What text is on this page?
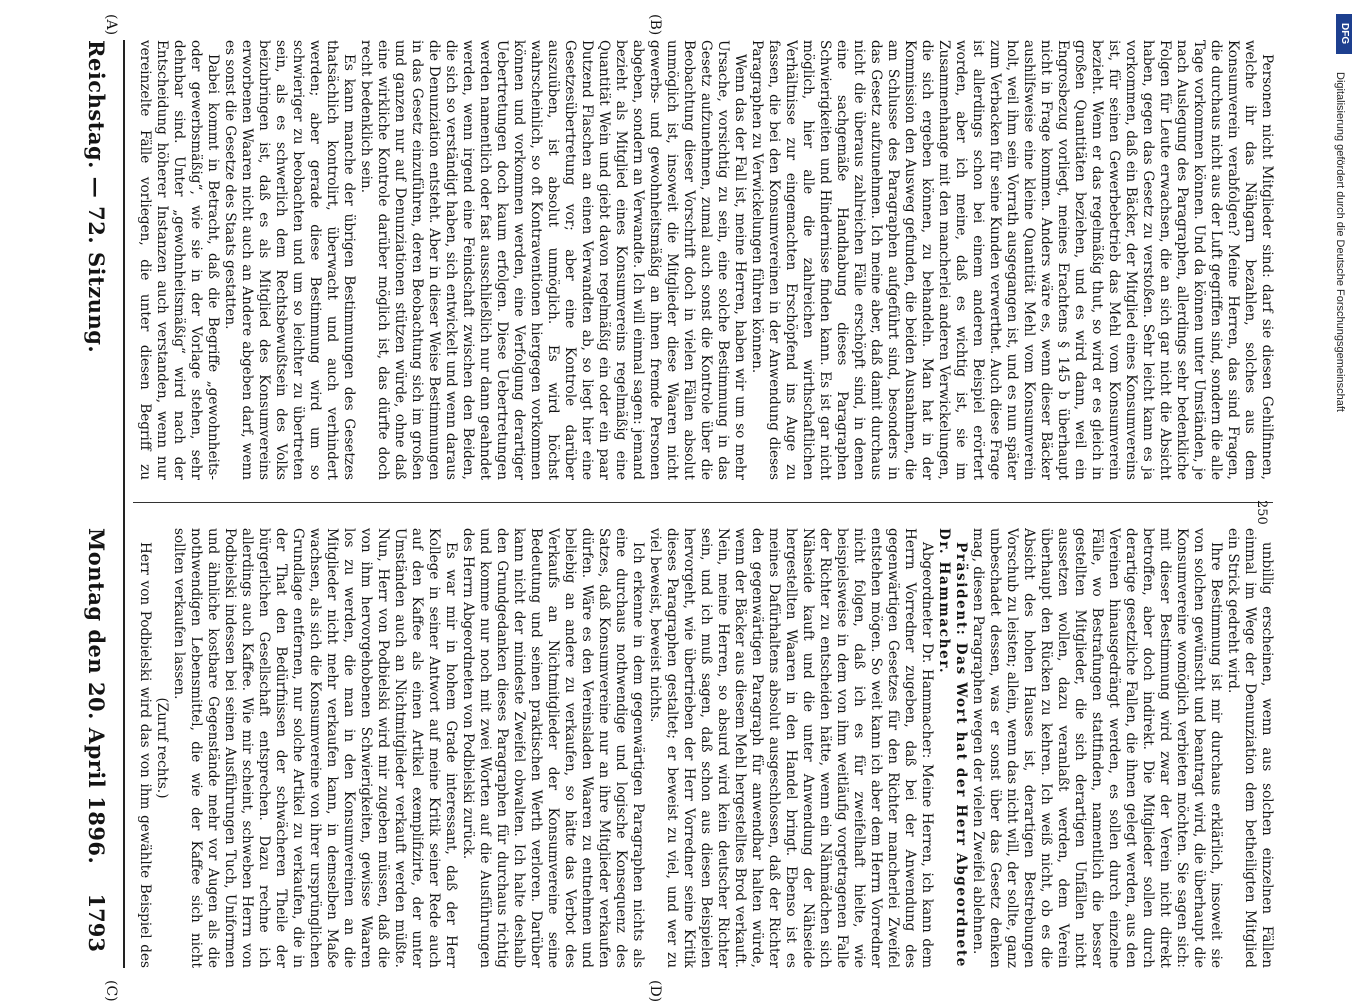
Reichstag. — 72. Sitzung.
Montag den 20. April 1896.
1793
(A)	(B)
(C)	(D)

Personen nicht Mitglieder sind: darf sie diesen Gehilfinnen, welche ihr das Nähgarn bezahlen, solches aus dem Konsumverein verabfolgen? Meine Herren, das sind Fragen, die durchaus nicht aus der Luft gegriffen sind, sondern die alle Tage vorkommen können. Und da können unter Umständen, je nach Auslegung des Paragraphen, allerdings sehr bedenkliche Folgen für Leute erwachsen, die an sich gar nicht die Absicht haben, gegen das Gesetz zu verstoßen. Sehr leicht kann es ja vorkommen, daß ein Bäcker, der Mitglied eines Konsumvereins ist, für seinen Gewerbebetrieb das Mehl vom Konsumverein bezieht. Wenn er das regelmäßig thut, so wird er es gleich in großen Quantitäten beziehen, und es wird dann, weil ein Engrosbezug vorliegt, meines Erachtens § 145 b überhaupt nicht in Frage kommen. Anders wäre es, wenn dieser Bäcker aushilfsweise eine kleine Quantität Mehl vom Konsumverein holt, weil ihm sein Vorrath ausgegangen ist, und es nun später zum Verbacken für seine Kunden verwerthet. Auch diese Frage ist allerdings schon bei einem anderen Beispiel erörtert worden, aber ich meine, daß es wichtig ist, sie im Zusammenhange mit den mancherlei anderen Verwickelungen, die sich ergeben können, zu behandeln. Man hat in der Kommission den Ausweg gefunden, die beiden Ausnahmen, die am Schlusse des Paragraphen aufgeführt sind, besonders in das Gesetz aufzunehmen. Ich meine aber, daß damit durchaus nicht die überaus zahlreichen Fälle erschöpft sind, in denen eine sachgemäße Handhabung dieses Paragraphen Schwierigkeiten und Hindernisse finden kann. Es ist gar nicht möglich, hier alle die zahlreichen wirthschaftlichen Verhältnisse zur eingemachten Erschöpfend ins Auge zu fassen, die bei den Konsumvereinen in der Anwendung dieses Paragraphen zu Verwickelungen führen können.

Wenn das der Fall ist, meine Herren, haben wir um so mehr Ursache, vorsichtig zu sein, eine solche Bestimmung in das Gesetz aufzunehmen, zumal auch sonst die Kontrole über die Beobachtung dieser Vorschrift doch in vielen Fällen absolut unmöglich ist, insoweit die Mitglieder diese Waaren nicht gewerbs- und gewohnheitsmäßig an ihnen fremde Personen abgeben, sondern an Verwandte. Ich will einmal sagen: jemand bezieht als Mitglied eines Konsumvereins regelmäßig eine Quantität Wein und giebt davon regelmäßig ein oder ein paar Dutzend Flaschen an einen Verwandten ab, so liegt hier eine Gesetzesübertretung vor; aber eine Kontrole darüber auszuüben, ist absolut unmöglich. Es wird höchst wahrscheinlich, so oft Kontraventionen hiergegen vorkommen können und vorkommen werden, eine Verfolgung derartiger Uebertretungen doch kaum erfolgen. Diese Uebertretungen werden namentlich oder fast ausschließlich nur dann geahndet werden, wenn irgend eine Feindschaft zwischen den Beiden, die sich so verständigt haben, sich entwickelt und wenn daraus die Denunziation entsteht. Aber in dieser Weise Bestimmungen in das Gesetz einzuführen, deren Beobachtung sich im großen und ganzen nur auf Denunziationen stützen würde, ohne daß eine wirkliche Kontrole darüber möglich ist, das dürfte doch recht bedenklich sein.

Es kann manche der übrigen Bestimmungen des Gesetzes thatsächlich kontrolirt, überwacht und auch verhindert werden; aber gerade diese Bestimmung wird um so schwieriger zu beobachten und um so leichter zu übertreten sein, als es schwerlich dem Rechtsbewußtsein des Volks beizubringen ist, daß es als Mitglied des Konsumvereins erworbenen Waaren nicht auch an Andere abgeben darf, wenn es sonst die Gesetze des Staats gestatten.

Dabei kommt in Betracht, daß die Begriffe „gewohnheits- oder gewerbsmäßig“, wie sie in der Vorlage stehen, sehr dehnbar sind. Unter „gewohnheitsmäßig“ wird nach der Entscheidung höherer Instanzen auch verstanden, wenn nur vereinzelte Fälle vorliegen, die unter diesen Begriff zu

unbillig erscheinen, wenn aus solchen einzelnen Fällen einmal im Wege der Denunziation dem betheiligten Mitglied ein Strick gedreht wird.

Ihre Bestimmung ist mir durchaus erklärlich, insoweit sie von solchen gewünscht und beantragt wird, die überhaupt die Konsumvereine womöglich verbieten möchten. Sie sagen sich: mit dieser Bestimmung wird zwar der Verein nicht direkt betroffen, aber doch indirekt. Die Mitglieder sollen durch derartige gesetzliche Fallen, die ihnen gelegt werden, aus den Vereinen hinausgedrängt werden, es sollen durch einzelne Fälle, wo Bestrafungen stattfinden, namentlich die besser gestellten Mitglieder, die sich derartigen Unfällen nicht aussetzen wollen, dazu veranlaßt werden, dem Verein überhaupt den Rücken zu kehren. Ich weiß nicht, ob es die Absicht des hohen Hauses ist, derartigen Bestrebungen Vorschub zu leisten; allein, wenn das nicht will, der sollte, ganz unbeschadet dessen, was er sonst über das Gesetz denken mag, diesen Paragraphen wegen der vielen Zweifel ablehnen.

Präsident: Das Wort hat der Herr Abgeordnete Dr. Hammacher.

Abgeordneter Dr. Hammacher: Meine Herren, ich kann dem Herrn Vorredner zugeben, daß bei der Anwendung des gegenwärtigen Gesetzes für den Richter mancherlei Zweifel entstehen mögen. So weit kann ich aber dem Herrn Vorredner nicht folgen, daß ich es für zweifelhaft hielte, wie beispielsweise in dem von ihm weitläufig vorgetragenen Falle der Richter zu entscheiden hätte, wenn ein Nähmädchen sich Nähseide kauft und die unter Anwendung der Nähseide hergestellten Waaren in den Handel bringt. Ebenso ist es meines Dafürhaltens absolut ausgeschlossen, daß der Richter den gegenwärtigen Paragraph für anwendbar halten würde, wenn der Bäcker aus diesem Mehl hergestelltes Brod verkauft. Nein, meine Herren, so absurd wird kein deutscher Richter sein, und ich muß sagen, daß schon aus diesen Beispielen hervorgeht, wie übertrieben der Herr Vorredner seine Kritik dieses Paragraphen gestaltet; er beweist zu viel, und wer zu viel beweist, beweist nichts.

Ich erkenne in dem gegenwärtigen Paragraphen nichts als eine durchaus nothwendige und logische Konsequenz des Satzes, daß Konsumvereine nur an ihre Mitglieder verkaufen dürfen. Wäre es den Vereinsladen Waaren zu entnehmen und beliebig an andere zu verkaufen, so hätte das Verbot des Verkaufs an Nichtmitglieder der Konsumvereine seine Bedeutung und seinen praktischen Werth verloren. Darüber kann nicht der mindeste Zweifel obwalten. Ich halte deshalb den Grundgedanken dieses Paragraphen für durchaus richtig und komme nur noch mit zwei Worten auf die Ausführungen des Herrn Abgeordneten von Podbielski zurück.

Es war mir in hohem Grade interessant, daß der Herr Kollege in seiner Antwort auf meine Kritik seiner Rede auch auf den Kaffee als einen Artikel exemplifizirte, der unter Umständen auch an Nichtmitglieder verkauft werden müßte. Nun, Herr von Podbielski wird mir zugeben müssen, daß die von ihm hervorgehobenen Schwierigkeiten, gewisse Waaren los zu werden, die man in den Konsumvereinen an die Mitglieder nicht mehr verkaufen kann, in demselben Maße wachsen, als sich die Konsumvereine von ihrer ursprünglichen Grundlage entfernen, nur solche Artikel zu verkaufen, die in der That den Bedürfnissen der schwächeren Theile der bürgerlichen Gesellschaft entsprechen. Dazu rechne ich allerdings auch Kaffee. Wie mir scheint, schweben Herrn von Podbielski indessen bei seinen Ausführungen Tuch, Uniformen und ähnliche kostbare Gegenstände mehr vor Augen als die nothwendigen Lebensmittel, die wie der Kaffee sich nicht sollten verkaufen lassen.

(Zuruf rechts.)

Herr von Podbielski wird das von ihm gewählte Beispiel des

250
DFG
Digitalisierung gefördert durch die Deutsche Forschungsgemeinschaft
